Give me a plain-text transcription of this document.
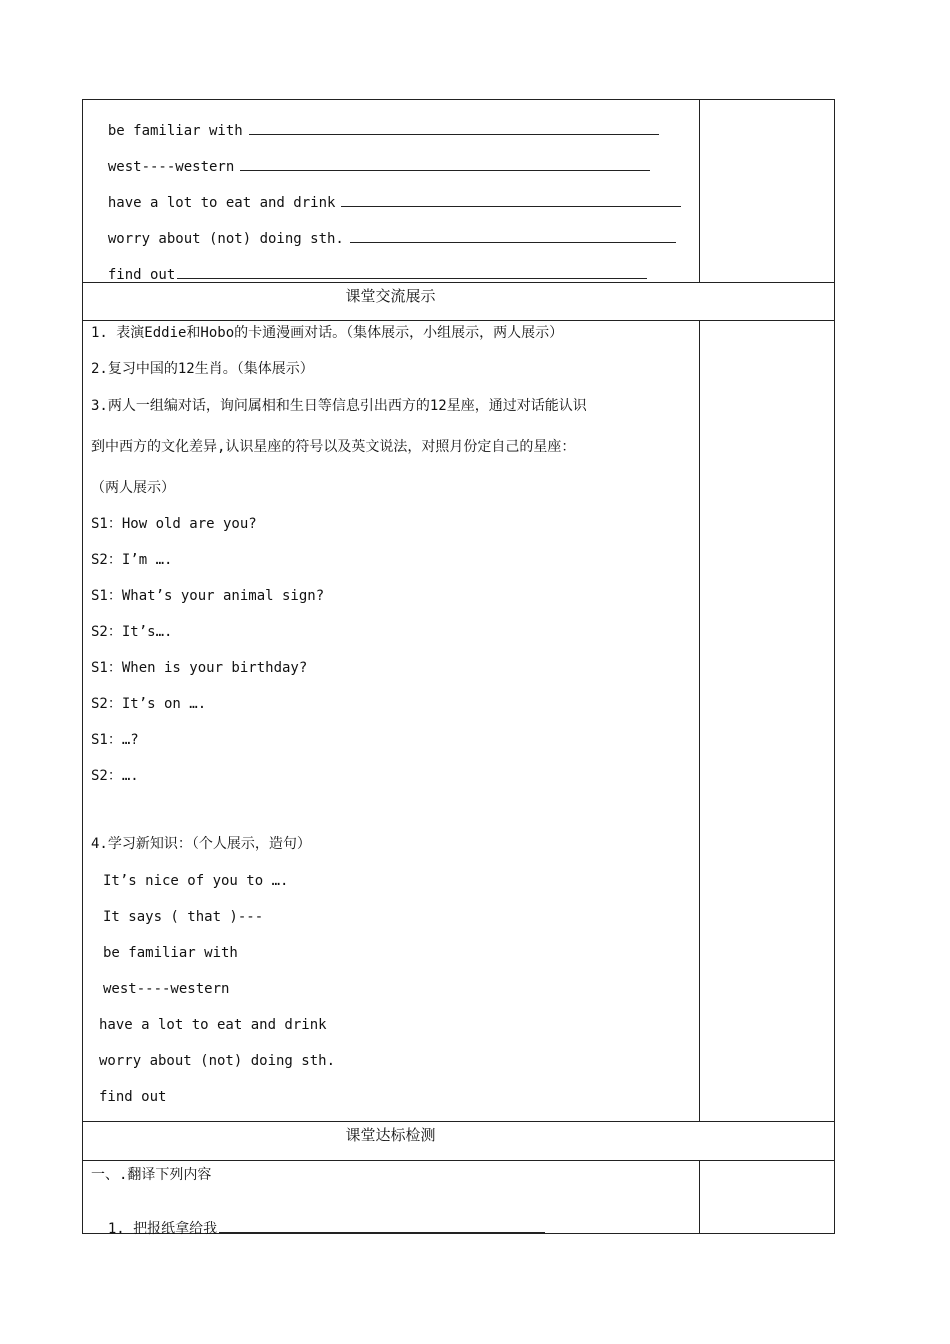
be familiar with

west----western

have a lot to eat and drink

worry about (not) doing sth.

find out

课堂交流展示
1. 表演Eddie和Hobo的卡通漫画对话。（集体展示，小组展示，两人展示）
2.复习中国的12生肖。（集体展示）
3.两人一组编对话，询问属相和生日等信息引出西方的12星座，通过对话能认识
到中西方的文化差异,认识星座的符号以及英文说法，对照月份定自己的星座：
（两人展示）
S1：How old are you?
S2：I’m ….
S1：What’s your animal sign?
S2：It’s….
S1：When is your birthday?
S2：It’s on ….
S1：…?
S2：….
4.学习新知识：（个人展示，造句）
It’s nice of you to ….
It says ( that )---
be familiar with
west----western
have a lot to eat and drink
worry about (not) doing sth.
find out
课堂达标检测
一、.翻译下列内容

1. 把报纸拿给我
